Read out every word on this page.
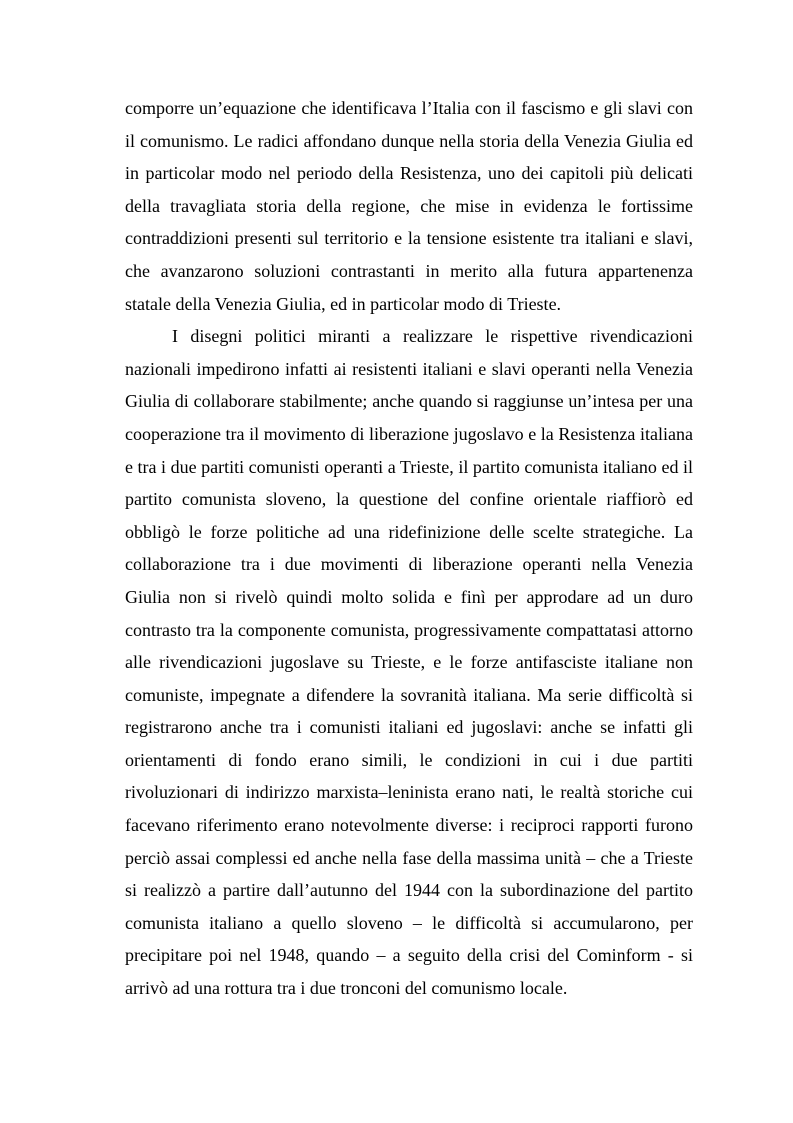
comporre un’equazione che identificava l’Italia con il fascismo e gli slavi con il comunismo. Le radici affondano dunque nella storia della Venezia Giulia ed in particolar modo nel periodo della Resistenza, uno dei capitoli più delicati della travagliata storia della regione, che mise in evidenza le fortissime contraddizioni presenti sul territorio e la tensione esistente tra italiani e slavi, che avanzarono soluzioni contrastanti in merito alla futura appartenenza statale della Venezia Giulia, ed in particolar modo di Trieste.

I disegni politici miranti a realizzare le rispettive rivendicazioni nazionali impedirono infatti ai resistenti italiani e slavi operanti nella Venezia Giulia di collaborare stabilmente; anche quando si raggiunse un’intesa per una cooperazione tra il movimento di liberazione jugoslavo e la Resistenza italiana e tra i due partiti comunisti operanti a Trieste, il partito comunista italiano ed il partito comunista sloveno, la questione del confine orientale riaffiorò ed obbligò le forze politiche ad una ridefinizione delle scelte strategiche. La collaborazione tra i due movimenti di liberazione operanti nella Venezia Giulia non si rivelò quindi molto solida e finì per approdare ad un duro contrasto tra la componente comunista, progressivamente compattatasi attorno alle rivendicazioni jugoslave su Trieste, e le forze antifasciste italiane non comuniste, impegnate a difendere la sovranità italiana. Ma serie difficoltà si registrarono anche tra i comunisti italiani ed jugoslavi: anche se infatti gli orientamenti di fondo erano simili, le condizioni in cui i due partiti rivoluzionari di indirizzo marxista–leninista erano nati, le realtà storiche cui facevano riferimento erano notevolmente diverse: i reciproci rapporti furono perciò assai complessi ed anche nella fase della massima unità – che a Trieste si realizzò a partire dall’autunno del 1944 con la subordinazione del partito comunista italiano a quello sloveno – le difficoltà si accumularono, per precipitare poi nel 1948, quando – a seguito della crisi del Cominform - si arrivò ad una rottura tra i due tronconi del comunismo locale.
